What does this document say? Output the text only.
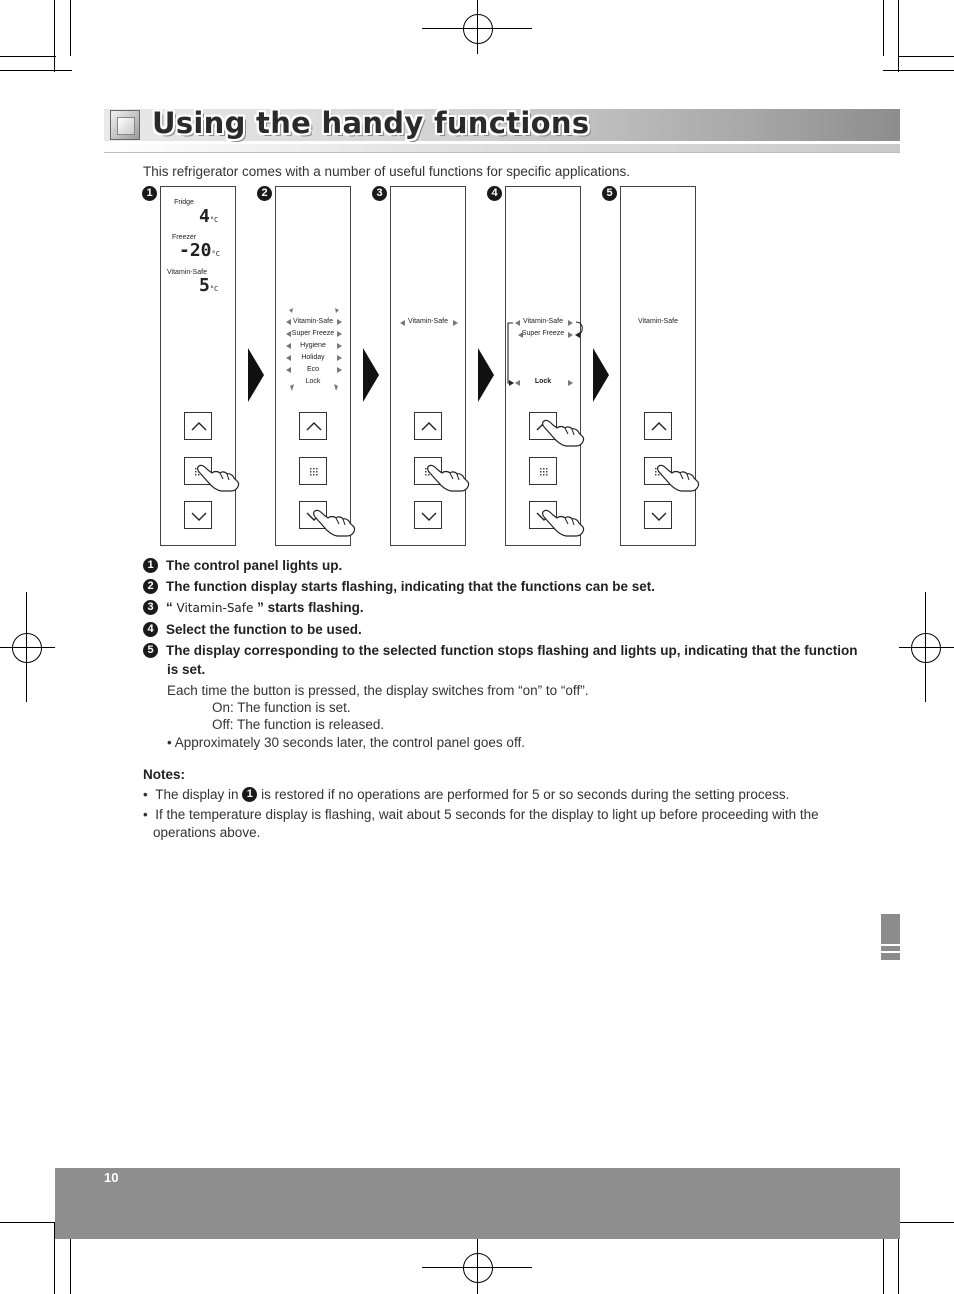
Using the handy functions
This refrigerator comes with a number of useful functions for specific applications.
1	2	3	4	5
Fridge
4°C
Freezer
-20°C
Vitamin-Safe
5°C
Vitamin-Safe
Super Freeze
Hygiene
Holiday
Eco
Lock
Vitamin-Safe	Vitamin-Safe
Super Freeze
Lock
Vitamin-Safe
1 The control panel lights up.
2 The function display starts flashing, indicating that the functions can be set.
3 “ Vitamin-Safe ” starts flashing.
4 Select the function to be used.
5 The display corresponding to the selected function stops flashing and lights up, indicating that the function
is set.
Each time the button is pressed, the display switches from “on” to “off”.
On: The function is set.
Off: The function is released.
• Approximately 30 seconds later, the control panel goes off.
Notes:
• The display in 1 is restored if no operations are performed for 5 or so seconds during the setting process.
• If the temperature display is flashing, wait about 5 seconds for the display to light up before proceeding with the
operations above.
10
